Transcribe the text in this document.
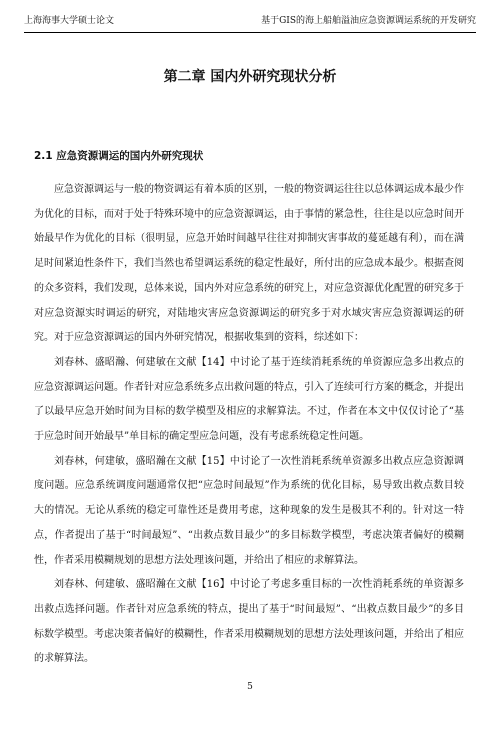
上海海事大学硕士论文	基于GIS的海上船舶溢油应急资源调运系统的开发研究
第二章 国内外研究现状分析
2.1 应急资源调运的国内外研究现状

应急资源调运与一般的物资调运有着本质的区别，一般的物资调运往往以总体调运成本最少作为优化的目标，而对于处于特殊环境中的应急资源调运，由于事情的紧急性，往往是以应急时间开始最早作为优化的目标（很明显，应急开始时间越早往往对抑制灾害事故的蔓延越有利），而在满足时间紧迫性条件下，我们当然也希望调运系统的稳定性最好，所付出的应急成本最少。根据查阅的众多资料，我们发现，总体来说，国内外对应急系统的研究上，对应急资源优化配置的研究多于对应急资源实时调运的研究，对陆地灾害应急资源调运的研究多于对水域灾害应急资源调运的研究。对于应急资源调运的国内外研究情况，根据收集到的资料，综述如下：

刘春林、盛昭瀚、何建敏在文献【14】中讨论了基于连续消耗系统的单资源应急多出救点的应急资源调运问题。作者针对应急系统多点出救问题的特点，引入了连续可行方案的概念，并提出了以最早应急开始时间为目标的数学模型及相应的求解算法。不过，作者在本文中仅仅讨论了“基于应急时间开始最早”单目标的确定型应急问题，没有考虑系统稳定性问题。

刘春林，何建敏，盛昭瀚在文献【15】中讨论了一次性消耗系统单资源多出救点应急资源调度问题。应急系统调度问题通常仅把“应急时间最短”作为系统的优化目标，易导致出救点数目较大的情况。无论从系统的稳定可靠性还是费用考虑，这种现象的发生是极其不利的。针对这一特点，作者提出了基于“时间最短”、“出救点数目最少”的多目标数学模型，考虑决策者偏好的模糊性，作者采用模糊规划的思想方法处理该问题，并给出了相应的求解算法。

刘春林、何建敏、盛昭瀚在文献【16】中讨论了考虑多重目标的一次性消耗系统的单资源多出救点选择问题。作者针对应急系统的特点，提出了基于“时间最短”、“出救点数目最少”的多目标数学模型。考虑决策者偏好的模糊性，作者采用模糊规划的思想方法处理该问题，并给出了相应的求解算法。

5
